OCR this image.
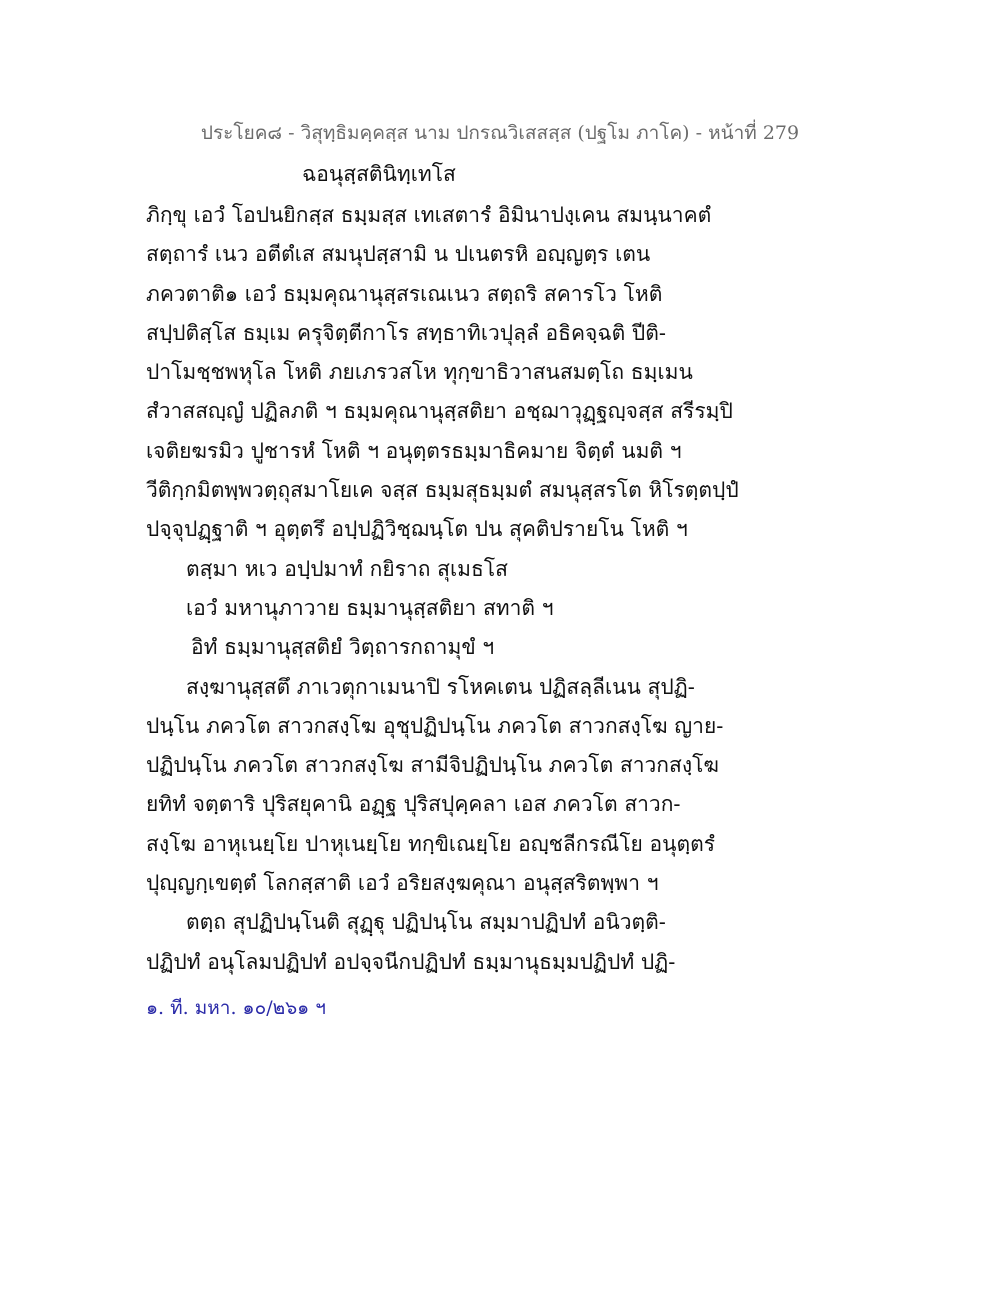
ประโยค๘ - วิสุทฺธิมคฺคสฺส นาม ปกรณวิเสสสฺส (ปฐโม ภาโค) - หน้าที่ 279
ฉอนุสฺสตินิทฺเทโส
ภิกฺขุ เอวํ โอปนยิกสฺส ธมฺมสฺส เทเสตารํ อิมินาปงฺเคน สมนฺนาคตํ
สตฺถารํ เนว อตีตํเส สมนุปสฺสามิ น ปเนตรหิ อญฺญตฺร เตน
ภควตาติ๑ เอวํ ธมฺมคุณานุสฺสรเณเนว สตฺถริ สคารโว โหติ
สปฺปติสฺโส ธมฺเม ครุจิตฺตีกาโร สทฺธาทิเวปุลฺลํ อธิคจฺฉติ ปีติ-
ปาโมชฺชพหุโล โหติ ภยเภรวสโห ทุกฺขาธิวาสนสมตฺโถ ธมฺเมน
สํวาสสญฺญํ ปฏิลภติ ฯ ธมฺมคุณานุสฺสติยา อชฺฌาวุฏฺฐญฺจสฺส สรีรมฺปิ
เจติยฆรมิว ปูชารหํ โหติ ฯ อนุตฺตรธมฺมาธิคมาย จิตฺตํ นมติ ฯ
วีติกฺกมิตพฺพวตฺถุสมาโยเค จสฺส ธมฺมสุธมฺมตํ สมนุสฺสรโต หิโรตฺตปฺปํ
ปจฺจุปฏฺฐาติ ฯ อุตฺตรึ อปฺปฏิวิชฺฌนฺโต ปน สุคติปรายโน โหติ ฯ
ตสฺมา หเว อปฺปมาทํ กยิราถ สุเมธโส
เอวํ มหานุภาวาย ธมฺมานุสฺสติยา สทาติ ฯ
อิทํ ธมฺมานุสฺสติยํ วิตฺถารกถามุขํ ฯ
สงฺฆานุสฺสตึ ภาเวตุกาเมนาปิ รโหคเตน ปฏิสลฺลีเนน สุปฏิ-
ปนฺโน ภควโต สาวกสงฺโฆ อุชุปฏิปนฺโน ภควโต สาวกสงฺโฆ ญาย-
ปฏิปนฺโน ภควโต สาวกสงฺโฆ สามีจิปฏิปนฺโน ภควโต สาวกสงฺโฆ
ยทิทํ จตฺตาริ ปุริสยุคานิ อฏฺฐ ปุริสปุคฺคลา เอส ภควโต สาวก-
สงฺโฆ อาหุเนยฺโย ปาหุเนยฺโย ทกฺขิเณยฺโย อญฺชลีกรณีโย อนุตฺตรํ
ปุญฺญกฺเขตฺตํ โลกสฺสาติ เอวํ อริยสงฺฆคุณา อนุสฺสริตพฺพา ฯ
ตตฺถ สุปฏิปนฺโนติ สุฏฺฐุ ปฏิปนฺโน สมฺมาปฏิปทํ อนิวตฺติ-
ปฏิปทํ อนุโลมปฏิปทํ อปจฺจนีกปฏิปทํ ธมฺมานุธมฺมปฏิปทํ ปฏิ-
๑. ที. มหา. ๑๐/๒๖๑ ฯ
